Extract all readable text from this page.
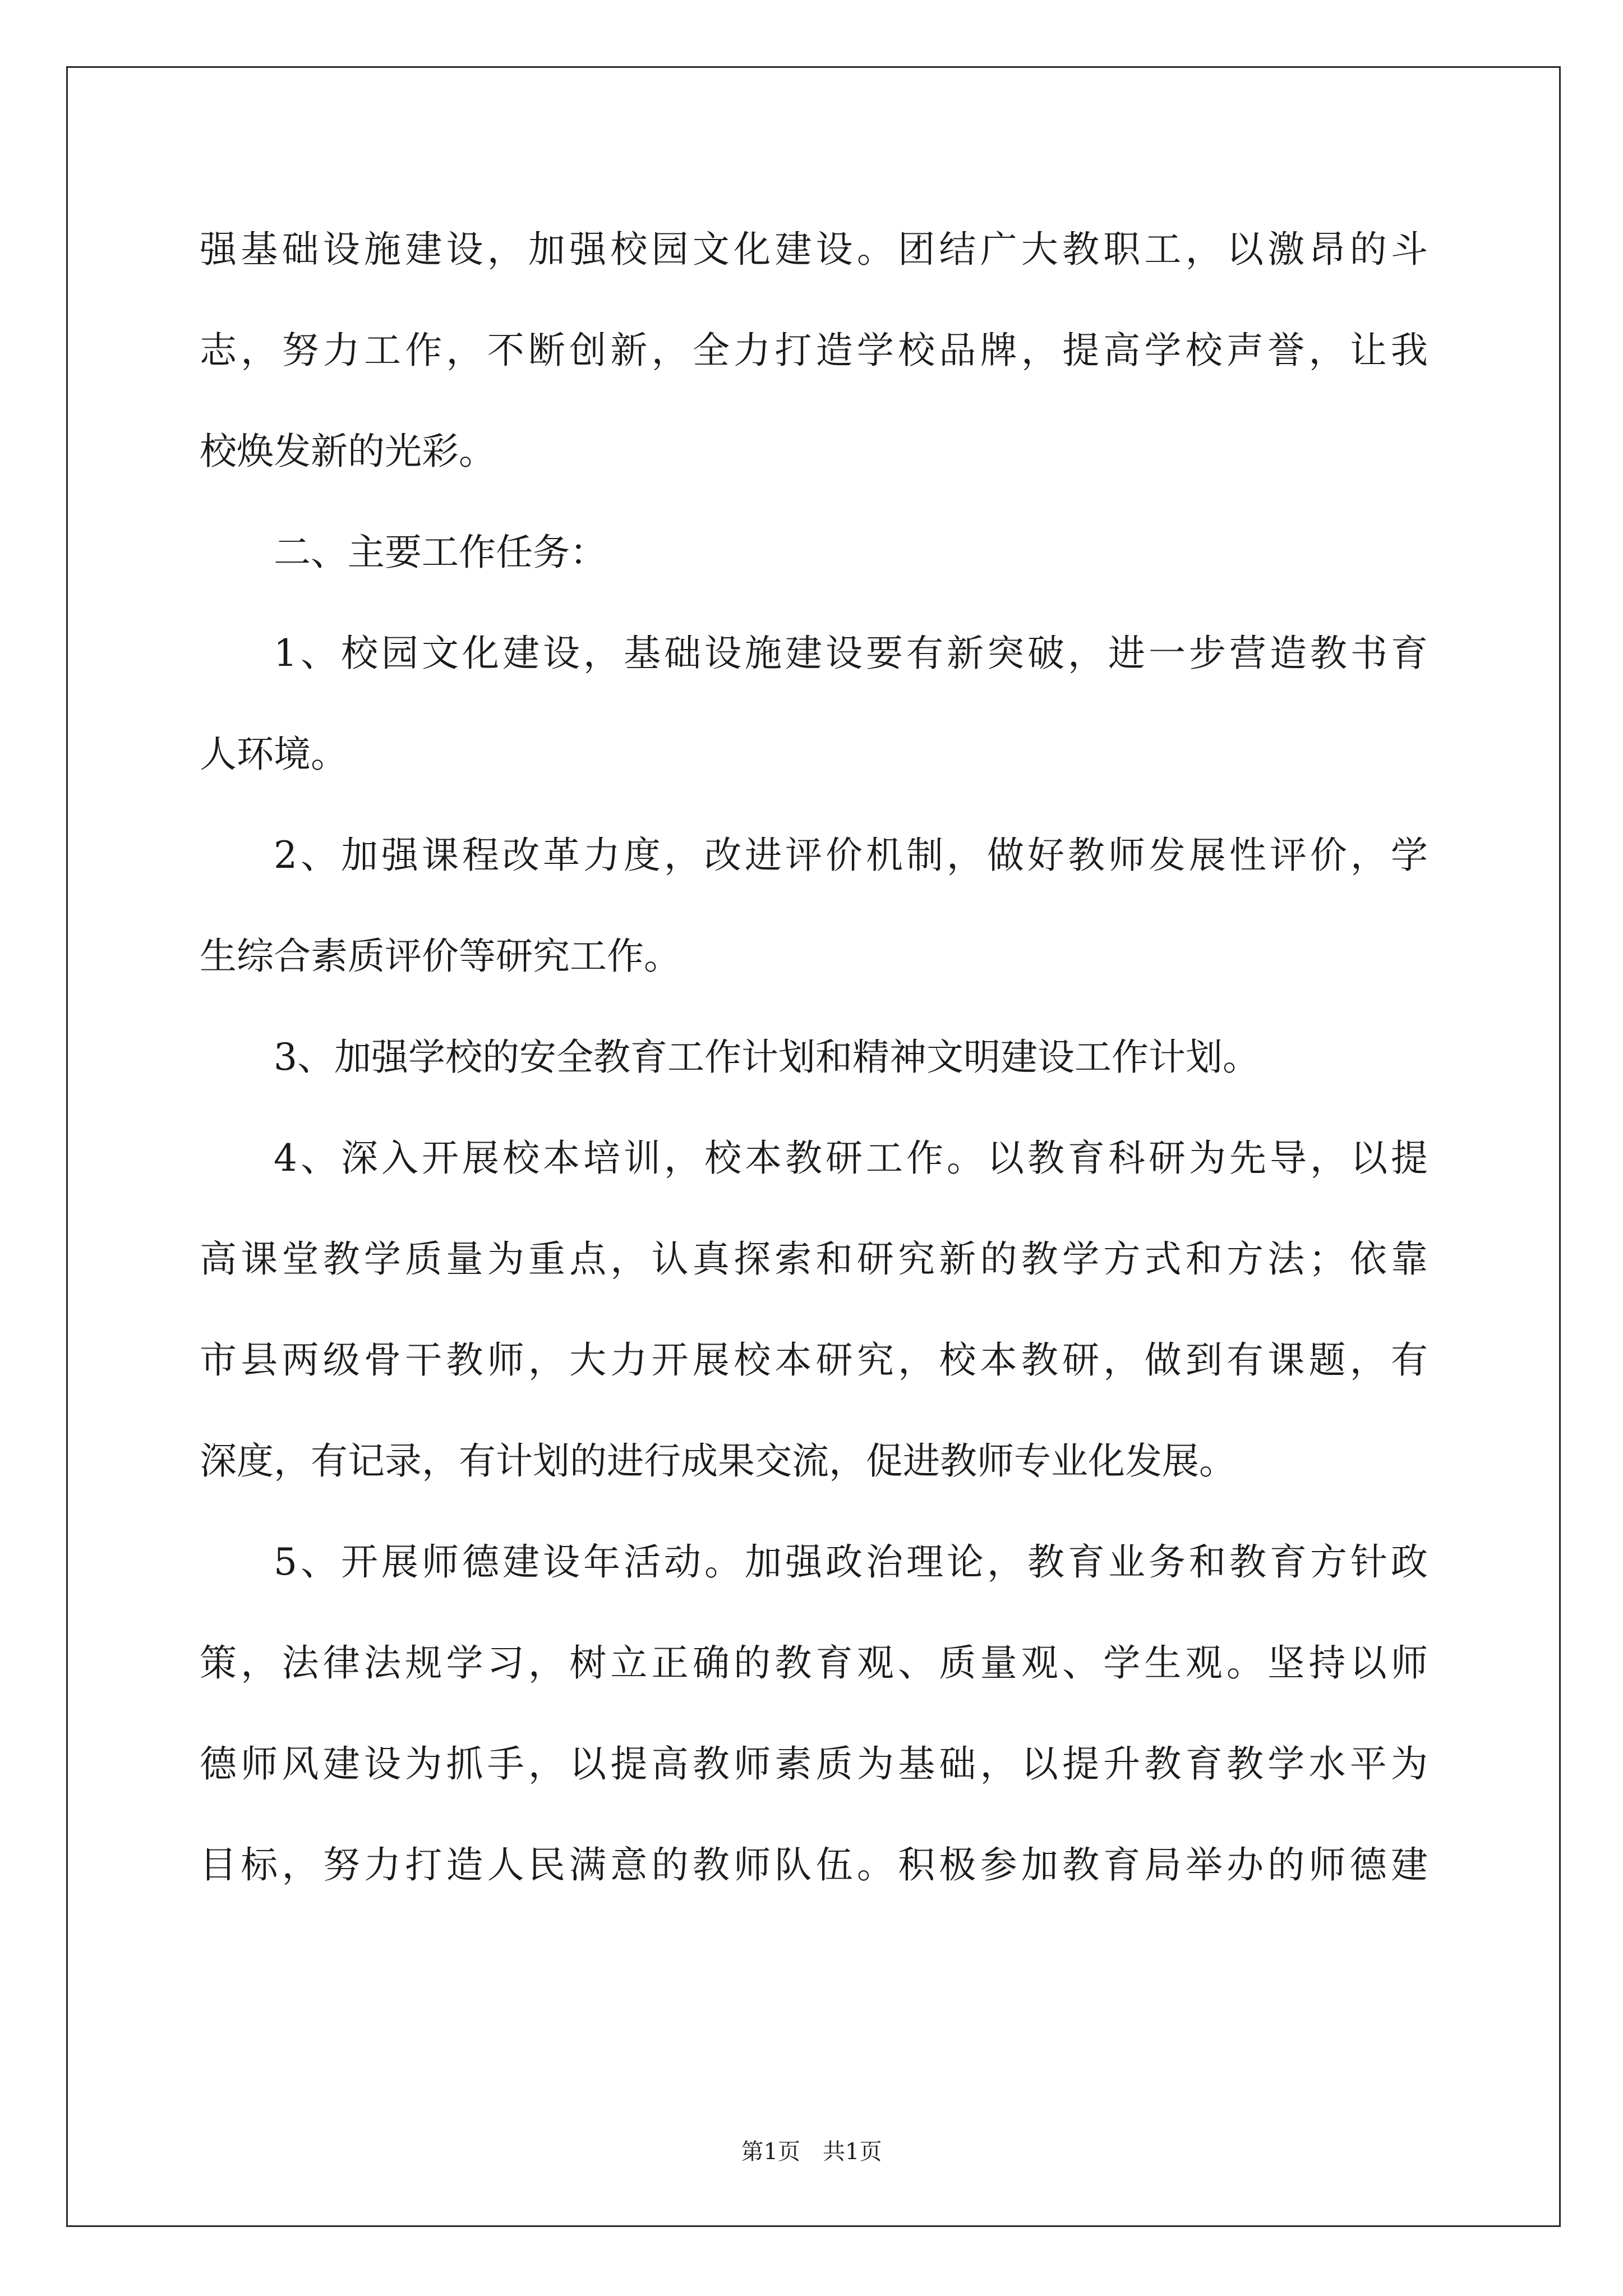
强基础设施建设，加强校园文化建设。团结广大教职工，以激昂的斗
志，努力工作，不断创新，全力打造学校品牌，提高学校声誉，让我
校焕发新的光彩。
二、主要工作任务：
1、校园文化建设，基础设施建设要有新突破，进一步营造教书育
人环境。
2、加强课程改革力度，改进评价机制，做好教师发展性评价，学
生综合素质评价等研究工作。
3、加强学校的安全教育工作计划和精神文明建设工作计划。
4、深入开展校本培训，校本教研工作。以教育科研为先导，以提
高课堂教学质量为重点，认真探索和研究新的教学方式和方法；依靠
市县两级骨干教师，大力开展校本研究，校本教研，做到有课题，有
深度，有记录，有计划的进行成果交流，促进教师专业化发展。
5、开展师德建设年活动。加强政治理论，教育业务和教育方针政
策，法律法规学习，树立正确的教育观、质量观、学生观。坚持以师
德师风建设为抓手，以提高教师素质为基础，以提升教育教学水平为
目标，努力打造人民满意的教师队伍。积极参加教育局举办的师德建
第1页 共1页
